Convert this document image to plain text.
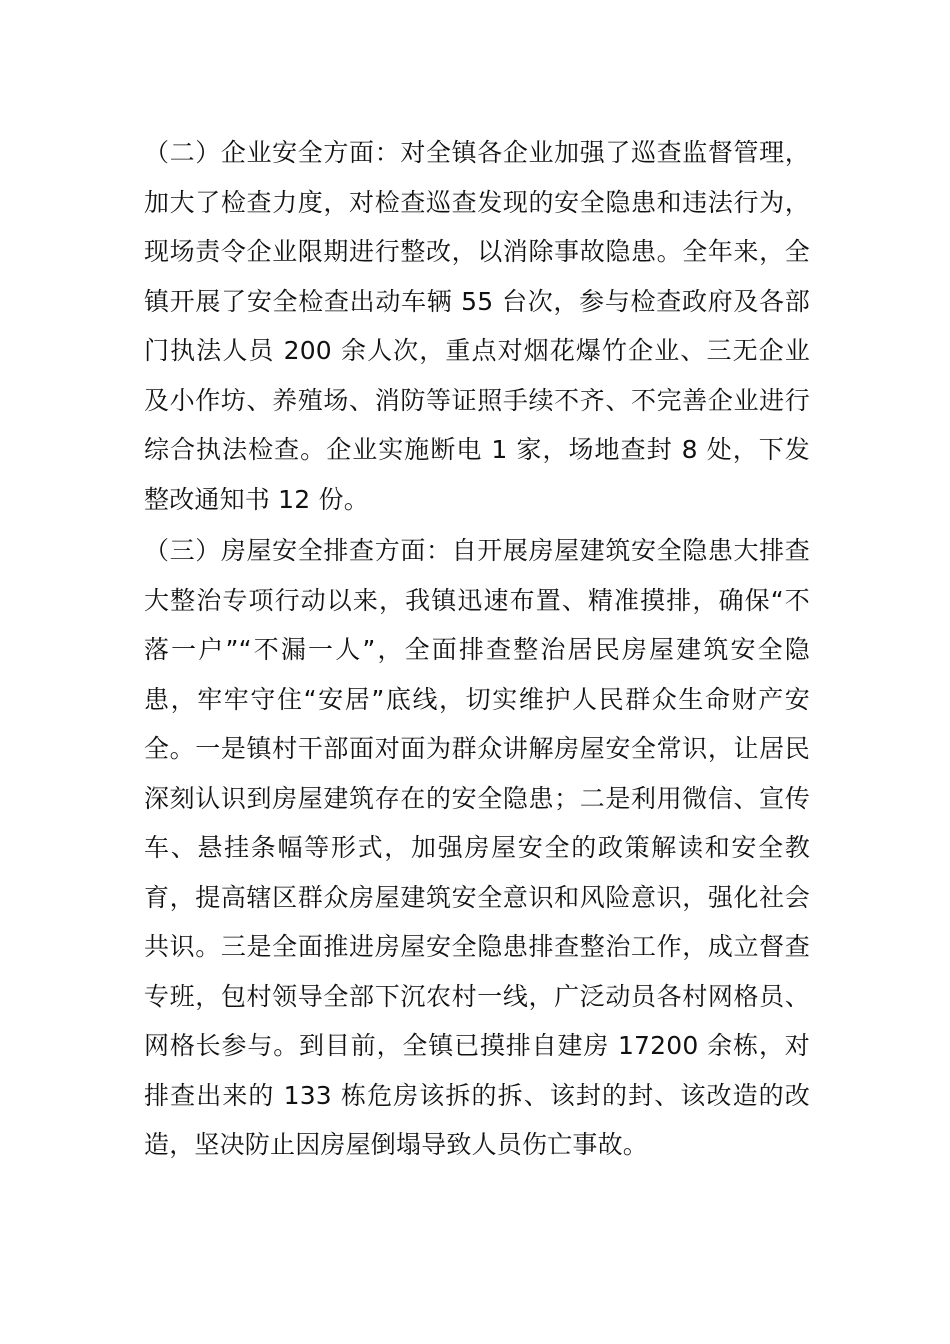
（二）企业安全方面：对全镇各企业加强了巡查监督管理，加大了检查力度，对检查巡查发现的安全隐患和违法行为，现场责令企业限期进行整改，以消除事故隐患。全年来，全镇开展了安全检查出动车辆 55 台次，参与检查政府及各部门执法人员 200 余人次，重点对烟花爆竹企业、三无企业及小作坊、养殖场、消防等证照手续不齐、不完善企业进行综合执法检查。企业实施断电 1 家，场地查封 8 处，下发整改通知书 12 份。

（三）房屋安全排查方面：自开展房屋建筑安全隐患大排查大整治专项行动以来，我镇迅速布置、精准摸排，确保“不落一户”“不漏一人”，全面排查整治居民房屋建筑安全隐患，牢牢守住“安居”底线，切实维护人民群众生命财产安全。一是镇村干部面对面为群众讲解房屋安全常识，让居民深刻认识到房屋建筑存在的安全隐患；二是利用微信、宣传车、悬挂条幅等形式，加强房屋安全的政策解读和安全教育，提高辖区群众房屋建筑安全意识和风险意识，强化社会共识。三是全面推进房屋安全隐患排查整治工作，成立督查专班，包村领导全部下沉农村一线，广泛动员各村网格员、网格长参与。到目前，全镇已摸排自建房 17200 余栋，对排查出来的 133 栋危房该拆的拆、该封的封、该改造的改造，坚决防止因房屋倒塌导致人员伤亡事故。
